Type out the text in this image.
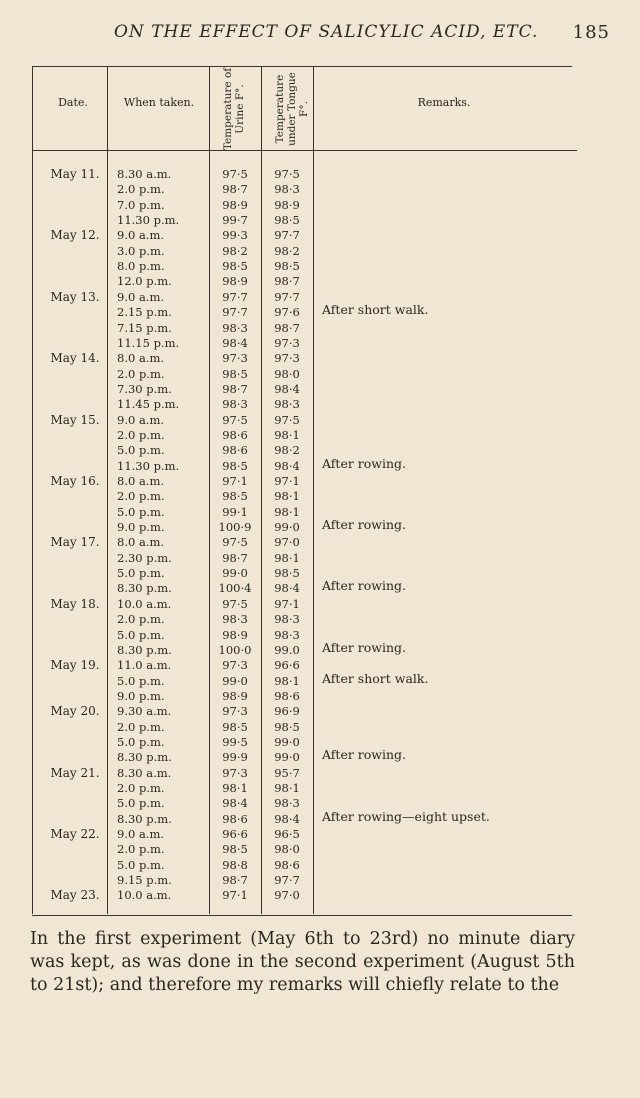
ON THE EFFECT OF SALICYLIC ACID, ETC. 185
Date.	When taken.	Temperature of Urine F°.	Temperature under Tongue F°.	Remarks.
May 11.	8.30 a.m.	97·5	97·5
2.0 p.m.	98·7	98·3
7.0 p.m.	98·9	98·9
11.30 p.m.	99·7	98·5
May 12.	9.0 a.m.	99·3	97·7
3.0 p.m.	98·2	98·2
8.0 p.m.	98·5	98·5
12.0 p.m.	98·9	98·7
May 13.	9.0 a.m.	97·7	97·7
2.15 p.m.	97·7	97·6	After short walk.
7.15 p.m.	98·3	98·7
11.15 p.m.	98·4	97·3
May 14.	8.0 a.m.	97·3	97·3
2.0 p.m.	98·5	98·0
7.30 p.m.	98·7	98·4
11.45 p.m.	98·3	98·3
May 15.	9.0 a.m.	97·5	97·5
2.0 p.m.	98·6	98·1
5.0 p.m.	98·6	98·2
11.30 p.m.	98·5	98·4	After rowing.
May 16.	8.0 a.m.	97·1	97·1
2.0 p.m.	98·5	98·1
5.0 p.m.	99·1	98·1
9.0 p.m.	100·9	99·0	After rowing.
May 17.	8.0 a.m.	97·5	97·0
2.30 p.m.	98·7	98·1
5.0 p.m.	99·0	98·5
8.30 p.m.	100·4	98·4	After rowing.
May 18.	10.0 a.m.	97·5	97·1
2.0 p.m.	98·3	98·3
5.0 p.m.	98·9	98·3
8.30 p.m.	100·0	99.0	After rowing.
May 19.	11.0 a.m.	97·3	96·6
5.0 p.m.	99·0	98·1	After short walk.
9.0 p.m.	98·9	98·6
May 20.	9.30 a.m.	97·3	96·9
2.0 p.m.	98·5	98·5
5.0 p.m.	99·5	99·0
8.30 p.m.	99·9	99·0	After rowing.
May 21.	8.30 a.m.	97·3	95·7
2.0 p.m.	98·1	98·1
5.0 p.m.	98·4	98·3
8.30 p.m.	98·6	98·4	After rowing—eight upset.
May 22.	9.0 a.m.	96·6	96·5
2.0 p.m.	98·5	98·0
5.0 p.m.	98·8	98·6
9.15 p.m.	98·7	97·7
May 23.	10.0 a.m.	97·1	97·0
In the first experiment (May 6th to 23rd) no minute diary was kept, as was done in the second experiment (August 5th to 21st); and therefore my remarks will chiefly relate to the
